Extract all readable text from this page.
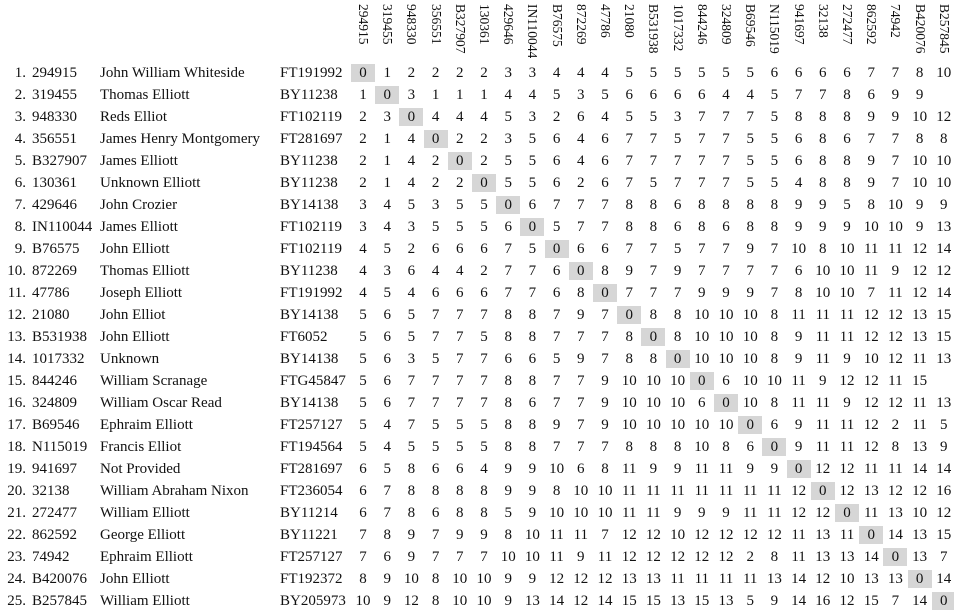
294915 319455 948330 356551 B327907 130361 429646 IN110044 B76575 872269 47786 21080 B531938 1017332 844246 324809 B69546 N115019 941697 32138 272477 862592 74942 B420076 B257845
1. 294915 John William Whiteside FT191992	0	1	2	2	2	2	3	3	4	4	4	5	5	5	5	5	5	6	6	6	6	7	7	8 10
2. 319455 Thomas Elliott	BY11238	1	0	3	1	1	1	4	4	5	3	5	6	6	6	6	4	4	5	7	7	8	6	9	9
3. 948330 Reds Elliot	FT102119	2	3	0	4	4	4	5	3	2	6	4	5	5	3	7	7	7	5	8	8	8	9	9 10 12
4. 356551 James Henry Montgomery FT281697	2	1	4	0	2	2	3	5	6	4	6	7	7	5	7	7	5	5	6	8	6	7	7	8	8
5. B327907 James Elliott	BY11238	2	1	4	2	0	2	5	5	6	4	6	7	7	7	7	7	5	5	6	8	8	9	7 10 10
6. 130361 Unknown Elliott	BY11238	2	1	4	2	2	0	5	5	6	2	6	7	5	7	7	7	5	5	4	8	8	9	7 10 10
7. 429646 John Crozier	BY14138	3	4	5	3	5	5	0	6	7	7	7	8	8	6	8	8	8	8	9	9	5	8 10 9	9
8. IN110044 James Elliott	FT102119	3	4	3	5	5	5	6	0	5	7	7	8	8	6	8	6	8	8	9	9	9 10 10 9 13
9. B76575 John Elliott	FT102119	4	5	2	6	6	6	7	5	0	6	6	7	7	5	7	7	9	7 10 8 10 11 11 12 14
10. 872269 Thomas Elliott	BY11238	4	3	6	4	4	2	7	7	6	0	8	9	7	9	7	7	7	7	6 10 10 11 9 12 12
11. 47786 Joseph Elliott	FT191992	4	5	4	6	6	6	7	7	6	8	0	7	7	7	9	9	9	7	8 10 10 7 11 12 14
12. 21080 John Elliot	BY14138	5	6	5	7	7	7	8	8	7	9	7	0	8	8 10 10 10 8 11 11 11 12 12 13 15
13. B531938 John Elliott	FT6052	5	6	5	7	7	5	8	8	7	7	7	8	0	8 10 10 10 8	9 11 11 12 12 13 15
14. 1017332 Unknown	BY14138	5	6	3	5	7	7	6	6	5	9	7	8	8	0 10 10 10 8	9 11 9 10 12 11 13
15. 844246 William Scranage	FTG45847 5	6	7	7	7	7	8	8	7	7	9 10 10 10 0	6 10 10 11 9 12 12 11 15
16. 324809 William Oscar Read	BY14138	5	6	7	7	7	7	8	6	7	7	9 10 10 10 6	0 10 8 11 11 9 12 12 11 13
17. B69546 Ephraim Elliott	FT257127	5	4	7	5	5	5	8	8	9	7	9 10 10 10 10 10 0	6	9 11 11 12 2 11 5
18. N115019 Francis Elliot	FT194564	5	4	5	5	5	5	8	8	7	7	7	8	8	8 10 8	6	0	9 11 11 12 8 13 9
19. 941697 Not Provided	FT281697	6	5	8	6	6	4	9	9 10 6	8 11 9	9 11 11 9	9	0 12 12 11 11 14 14
20. 32138 William Abraham Nixon FT236054	6	7	8	8	8	8	9	9	8 10 10 11 11 11 11 11 11 11 12 0 12 13 12 12 16
21. 272477 William Elliott	BY11214	6	7	8	6	8	8	5	9 10 10 10 11 11 9	9	9 11 11 12 12 0 11 13 10 12
22. 862592 George Elliott	BY11221	7	8	9	7	9	9	8 10 11 11 7 12 12 10 12 12 12 12 11 13 11 0 14 13 15
23. 74942 Ephraim Elliott	FT257127	7	6	9	7	7	7 10 10 11 9 11 12 12 12 12 12 2	8 11 13 13 14 0 13 7
24. B420076 John Elliott	FT192372	8	9 10 8 10 10 9	9 12 12 12 13 13 11 11 11 11 13 14 12 10 13 13 0 14
25. B257845 William Elliott	BY205973 10 9 12 8 10 10 9 13 14 12 14 15 15 13 15 13 5	9 14 16 12 15 7 14 0
